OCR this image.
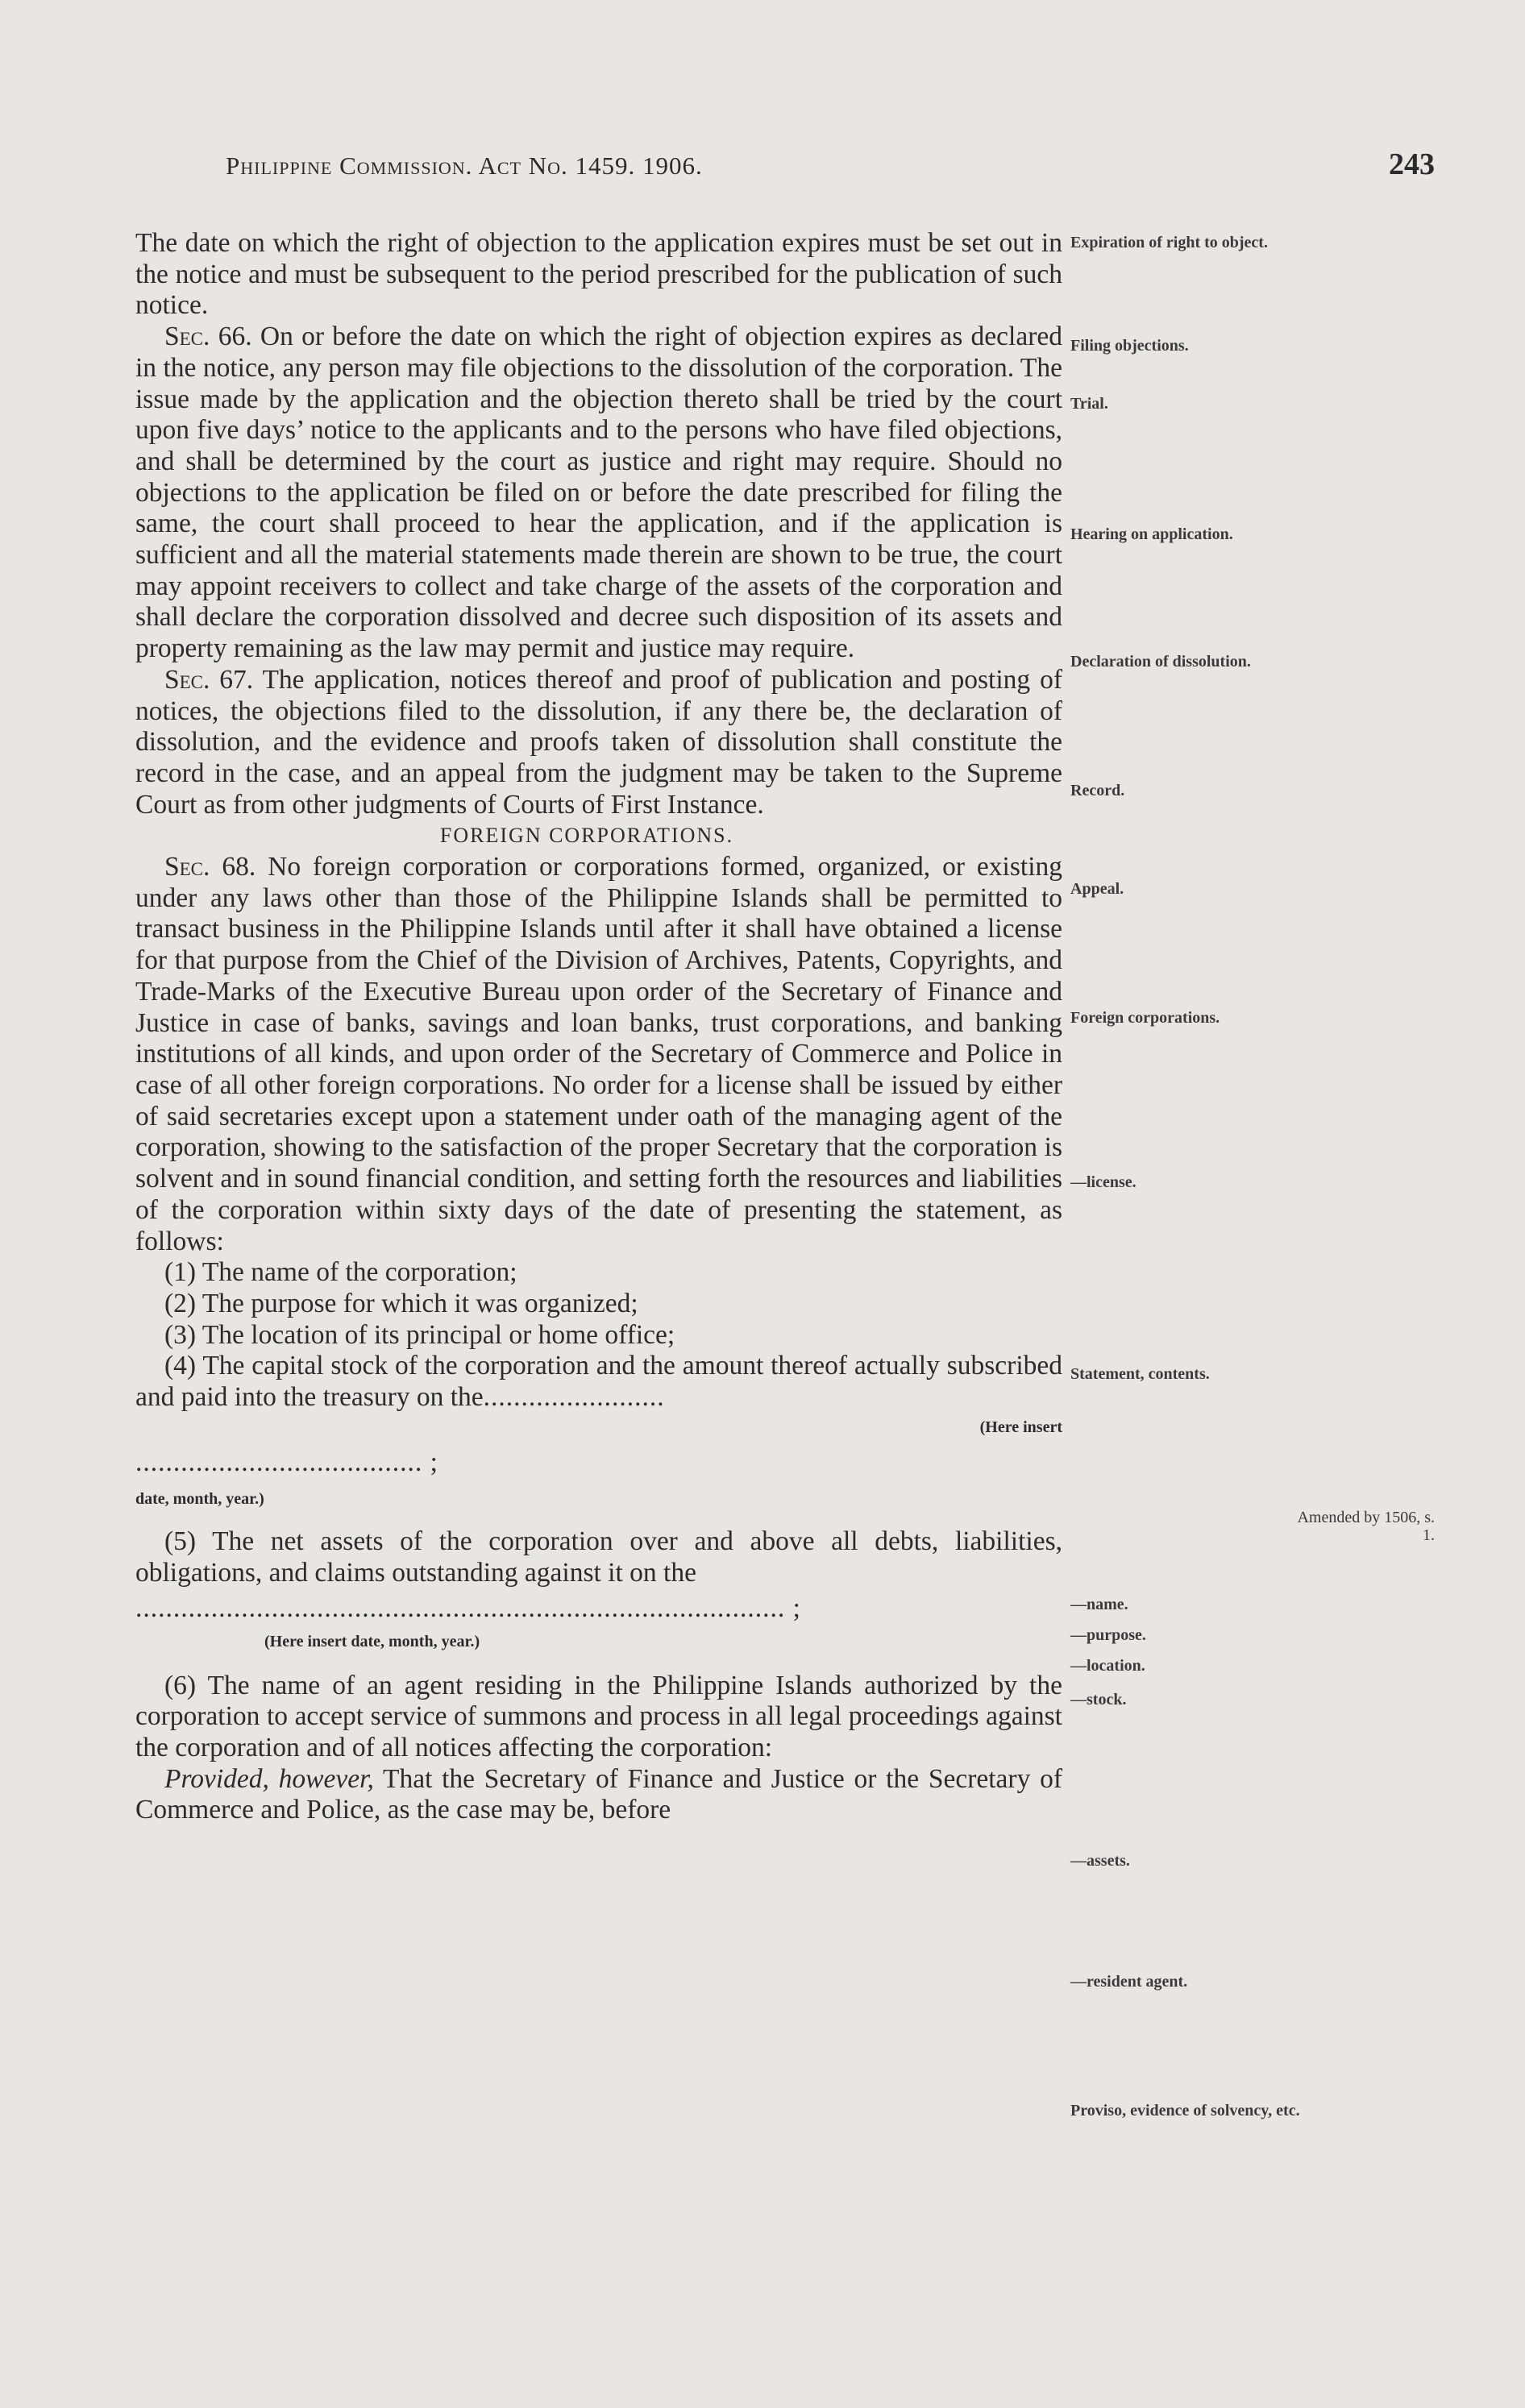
Philippine Commission. Act No. 1459. 1906.	243

The date on which the right of objection to the application expires must be set out in the notice and must be subsequent to the period prescribed for the publication of such notice.

Sec. 66. On or before the date on which the right of objection expires as declared in the notice, any person may file objections to the dissolution of the corporation. The issue made by the application and the objection thereto shall be tried by the court upon five days’ notice to the applicants and to the persons who have filed objections, and shall be determined by the court as justice and right may require. Should no objections to the application be filed on or before the date prescribed for filing the same, the court shall proceed to hear the application, and if the application is sufficient and all the material statements made therein are shown to be true, the court may appoint receivers to collect and take charge of the assets of the corporation and shall declare the corporation dissolved and decree such disposition of its assets and property remaining as the law may permit and justice may require.

Sec. 67. The application, notices thereof and proof of publication and posting of notices, the objections filed to the dissolution, if any there be, the declaration of dissolution, and the evidence and proofs taken of dissolution shall constitute the record in the case, and an appeal from the judgment may be taken to the Supreme Court as from other judgments of Courts of First Instance.

FOREIGN CORPORATIONS.

Sec. 68. No foreign corporation or corporations formed, organized, or existing under any laws other than those of the Philippine Islands shall be permitted to transact business in the Philippine Islands until after it shall have obtained a license for that purpose from the Chief of the Division of Archives, Patents, Copyrights, and Trade-Marks of the Executive Bureau upon order of the Secretary of Finance and Justice in case of banks, savings and loan banks, trust corporations, and banking institutions of all kinds, and upon order of the Secretary of Commerce and Police in case of all other foreign corporations. No order for a license shall be issued by either of said secretaries except upon a statement under oath of the managing agent of the corporation, showing to the satisfaction of the proper Secretary that the corporation is solvent and in sound financial condition, and setting forth the resources and liabilities of the corporation within sixty days of the date of presenting the statement, as follows:

(1) The name of the corporation;

(2) The purpose for which it was organized;

(3) The location of its principal or home office;

(4) The capital stock of the corporation and the amount thereof actually subscribed and paid into the treasury on the........................

(Here insert

...................................... ;

date, month, year.)

(5) The net assets of the corporation over and above all debts, liabilities, obligations, and claims outstanding against it on the

...................................................................................... ;

(Here insert date, month, year.)

(6) The name of an agent residing in the Philippine Islands authorized by the corporation to accept service of summons and process in all legal proceedings against the corporation and of all notices affecting the corporation:

Provided, however, That the Secretary of Finance and Justice or the Secretary of Commerce and Police, as the case may be, before

Expiration of right to object.
Filing objections.
Trial.
Hearing on application.
Declaration of dissolution.
Record.
Appeal.
Foreign corporations.
—license.
Statement, contents.
Amended by 1506, s. 1.
—name.
—purpose.
—location.
—stock.
—assets.
—resident agent.
Proviso, evidence of solvency, etc.
